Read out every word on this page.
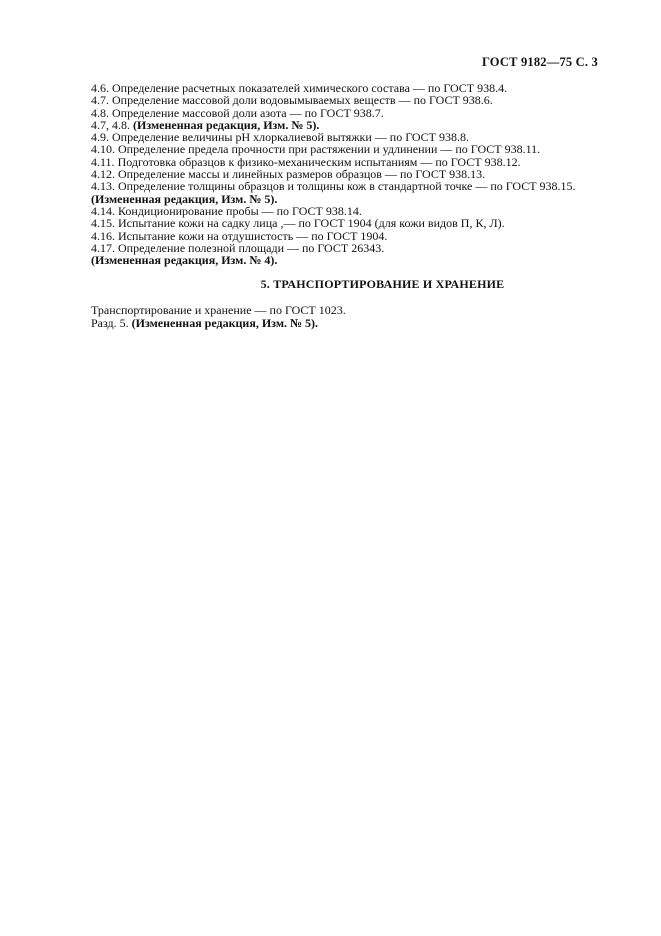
ГОСТ 9182—75 С. 3
4.6. Определение расчетных показателей химического состава — по ГОСТ 938.4.
4.7. Определение массовой доли водовымываемых веществ — по ГОСТ 938.6.
4.8. Определение массовой доли азота — по ГОСТ 938.7.
4.7, 4.8. (Измененная редакция, Изм. № 5).
4.9. Определение величины рН хлоркалиевой вытяжки — по ГОСТ 938.8.
4.10. Определение предела прочности при растяжении и удлинении — по ГОСТ 938.11.
4.11. Подготовка образцов к физико-механическим испытаниям — по ГОСТ 938.12.
4.12. Определение массы и линейных размеров образцов — по ГОСТ 938.13.
4.13. Определение толщины образцов и толщины кож в стандартной точке — по ГОСТ 938.15.
(Измененная редакция, Изм. № 5).
4.14. Кондиционирование пробы — по ГОСТ 938.14.
4.15. Испытание кожи на садку лица ,— по ГОСТ 1904 (для кожи видов П, К, Л).
4.16. Испытание кожи на отдушистость — по ГОСТ 1904.
4.17. Определение полезной площади — по ГОСТ 26343.
(Измененная редакция, Изм. № 4).
5. ТРАНСПОРТИРОВАНИЕ И ХРАНЕНИЕ
Транспортирование и хранение — по ГОСТ 1023.
Разд. 5. (Измененная редакция, Изм. № 5).
